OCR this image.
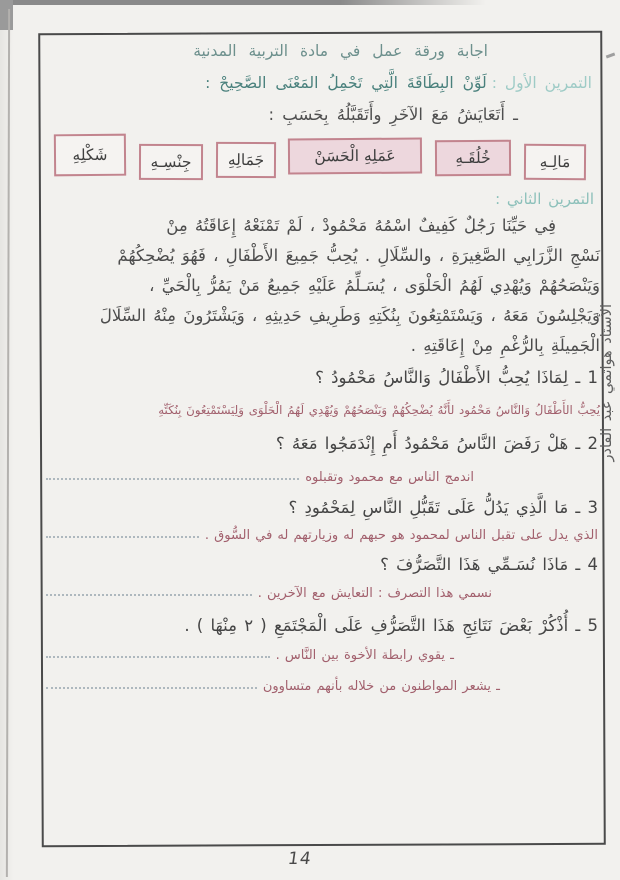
اجابة ورقة عمل في مادة التربية المدنية
التمرين الأول : لَوِّنْ البِطَاقَةَ الَّتِي تَحْمِلُ المَعْنَى الصَّحِيحْ :
ـ أَتَعَايَشُ مَعَ الآخَرِ وأَتَقَبَّلُهُ بِحَسَبِ :
مَالِـهِ
خُلُقَـهِ
عَمَلِهِ الْحَسَنْ
جَمَالِهِ
جِنْسِـهِ
شَكْلِهِ
التمرين الثاني :
فِي حَيِّنَا رَجُلٌ كَفِيفٌ اسْمُهُ مَحْمُودْ ، لَمْ تَمْنَعْهُ إِعَاقَتُهُ مِنْ
نَسْجِ الزَّرَابِي الصَّغِيرَةِ ، والسِّلَالِ . يُحِبُّ جَمِيعَ الأَطْفَالِ ، فَهُوَ يُضْحِكُهُمْ
وَيَنْصَحُهُمْ وَيُهْدِي لَهُمُ الْحَلْوَى ، يُسَـلِّمُ عَلَيْهِ جَمِيعُ مَنْ يَمُرُّ بِالْحَيِّ ،
وَيَجْلِسُونَ مَعَهُ ، وَيَسْتَمْتِعُونَ بِنُكَتِهِ وَطَرِيفِ حَدِيثِهِ ، وَيَشْتَرُونَ مِنْهُ السِّلَالَ
الْجَمِيلَةِ بِالرُّغْمِ مِنْ إِعَاقَتِهِ .
1 ـ لِمَاذَا يُحِبُّ الأَطْفَالُ وَالنَّاسُ مَحْمُودُ ؟
يُحِبُّ الأَطْفَالُ وَالنَّاسُ مَحْمُود لأَنَّهُ يُضْحِكُهُمْ وَيَنْصَحُهُمْ وَيُهْدِي لَهُمُ الْحَلْوَى وَلِيَسْتَمْتِعُونَ بِنُكَتِّهِ
2 ـ هَلْ رَفَضَ النَّاسُ مَحْمُودُ أَمِ إِنْدَمَجُوا مَعَهُ ؟
اندمج الناس مع محمود وتقبلوه
3 ـ مَا الَّذِي يَدُلُّ عَلَى تَقَبُّلِ النَّاسِ لِمَحْمُودِ ؟
الذي يدل على تقبل الناس لمحمود هو حبهم له وزيارتهم له في السُّوق .
4 ـ مَاذَا نُسَـمِّي هَذَا التَّصَرُّفَ ؟
نسمي هذا التصرف : التعايش مع الآخرين .
5 ـ أُذْكُرْ بَعْضَ نَتَائِجِ هَذَا التَّصَرُّفِ عَلَى الْمَجْتَمَعِ ( ٢ مِنْهَا ) .
ـ يقوي رابطة الأخوة بين النَّاس .
ـ يشعر المواطنون من خلاله بأنهم متساوون
الأستاذ هواتمي عبد القادر
14
